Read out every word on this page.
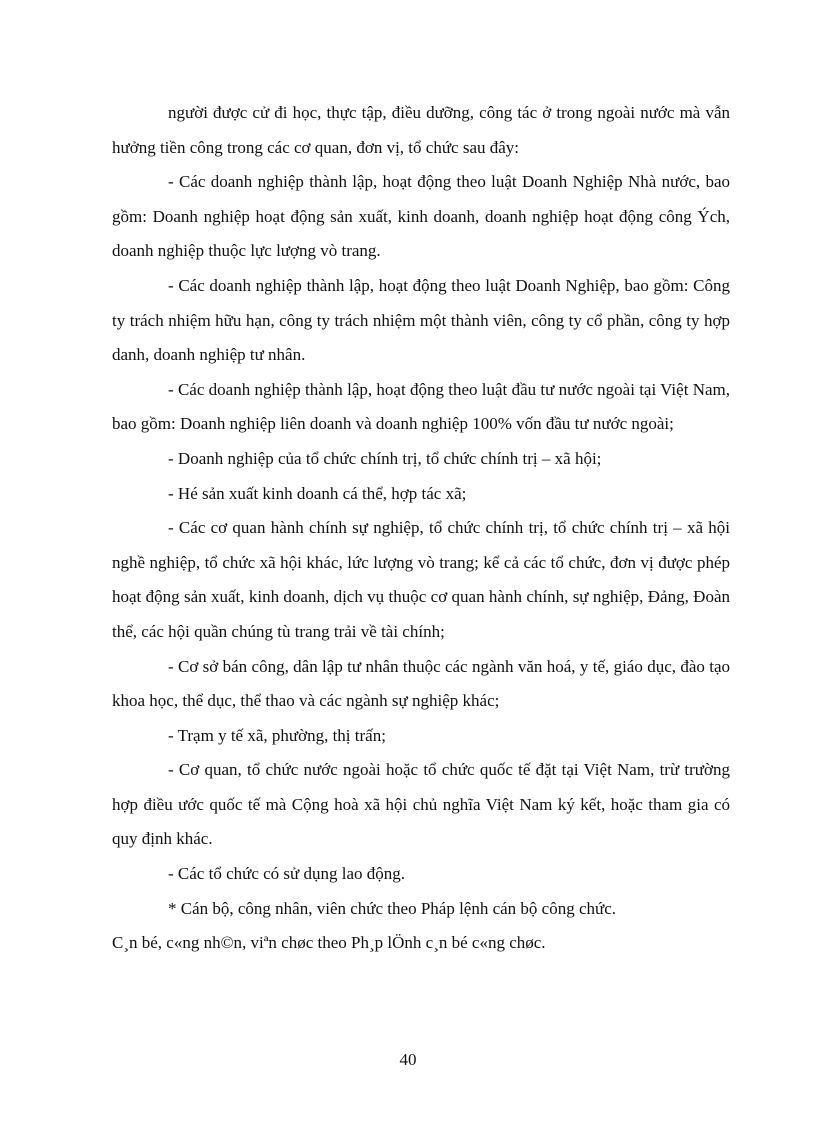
người được cử đi học, thực tập, điều dưỡng, công tác ở trong ngoài nước mà vẫn hưởng tiền công trong các cơ quan, đơn vị, tổ chức sau đây:

- Các doanh nghiệp thành lập, hoạt động theo luật Doanh Nghiệp Nhà nước, bao gồm: Doanh nghiệp hoạt động sản xuất, kinh doanh, doanh nghiệp hoạt động công Ých, doanh nghiệp thuộc lực lượng vò trang.

- Các doanh nghiệp thành lập, hoạt động theo luật Doanh Nghiệp, bao gồm: Công ty trách nhiệm hữu hạn, công ty trách nhiệm một thành viên, công ty cổ phần, công ty hợp danh, doanh nghiệp tư nhân.

- Các doanh nghiệp thành lập, hoạt động theo luật đầu tư nước ngoài tại Việt Nam, bao gồm: Doanh nghiệp liên doanh và doanh nghiệp 100% vốn đầu tư nước ngoài;

- Doanh nghiệp của tổ chức chính trị, tổ chức chính trị – xã hội;

- Hé sản xuất kinh doanh cá thể, hợp tác xã;

- Các cơ quan hành chính sự nghiệp, tổ chức chính trị, tổ chức chính trị – xã hội nghề nghiệp, tổ chức xã hội khác, lức lượng vò trang; kể cả các tổ chức, đơn vị được phép hoạt động sản xuất, kinh doanh, dịch vụ thuộc cơ quan hành chính, sự nghiệp, Đảng, Đoàn thể, các hội quần chúng tù trang trải về tài chính;

- Cơ sở bán công, dân lập tư nhân thuộc các ngành văn hoá, y tế, giáo dục, đào tạo khoa học, thể dục, thể thao và các ngành sự nghiệp khác;

- Trạm y tế xã, phường, thị trấn;

- Cơ quan, tổ chức nước ngoài hoặc tổ chức quốc tế đặt tại Việt Nam, trừ trường hợp điều ước quốc tế mà Cộng hoà xã hội chủ nghĩa Việt Nam ký kết, hoặc tham gia có quy định khác.

- Các tổ chức có sử dụng lao động.

* Cán bộ, công nhân, viên chức theo Pháp lệnh cán bộ công chức.

C¸n bé, c«ng nh©n, viªn chøc theo Ph¸p lÖnh c¸n bé c«ng chøc.

40
